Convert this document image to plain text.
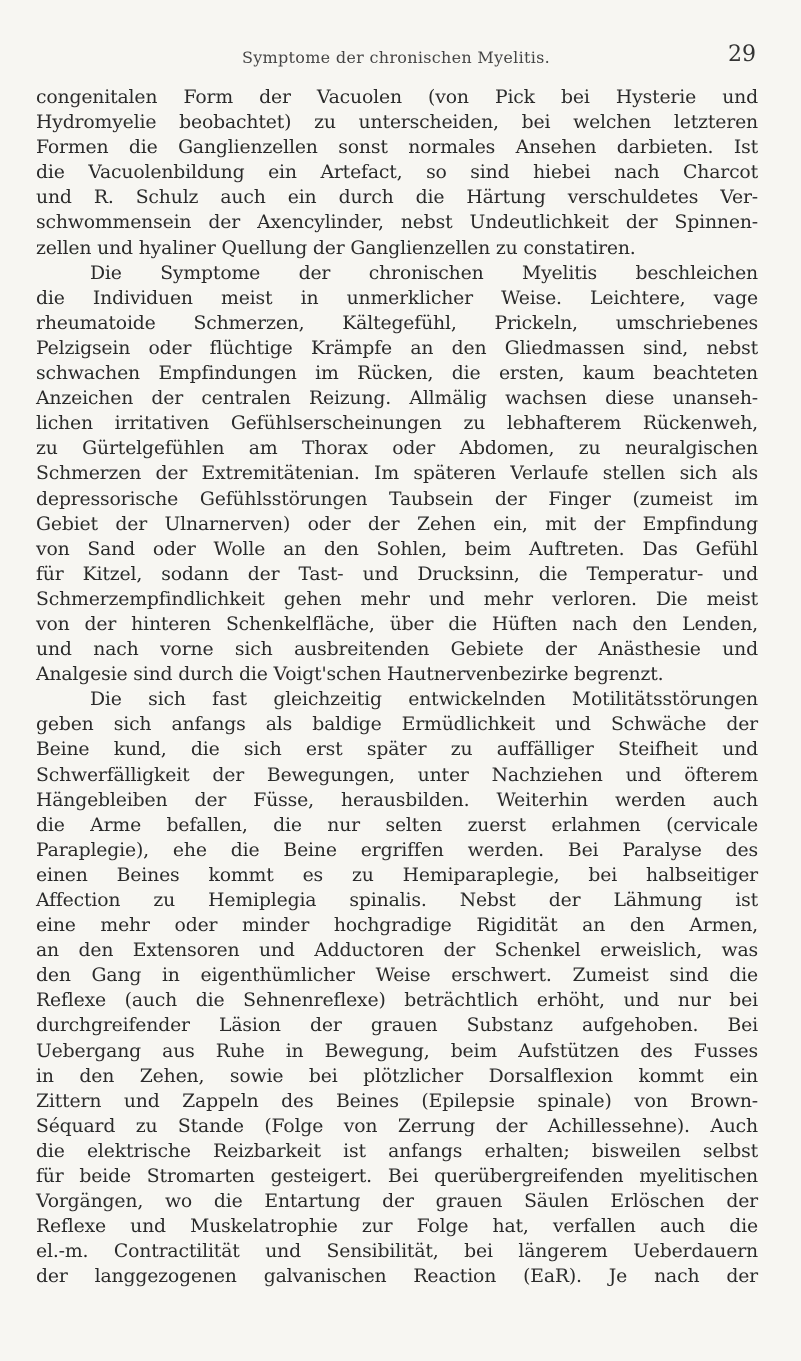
Symptome der chronischen Myelitis.	29
congenitalen Form der Vacuolen (von Pick bei Hysterie und
Hydromyelie beobachtet) zu unterscheiden, bei welchen letzteren
Formen die Ganglienzellen sonst normales Ansehen darbieten. Ist
die Vacuolenbildung ein Artefact, so sind hiebei nach Charcot
und R. Schulz auch ein durch die Härtung verschuldetes Ver-
schwommensein der Axencylinder, nebst Undeutlichkeit der Spinnen-
zellen und hyaliner Quellung der Ganglienzellen zu constatiren.
Die Symptome der chronischen Myelitis beschleichen
die Individuen meist in unmerklicher Weise. Leichtere, vage
rheumatoide Schmerzen, Kältegefühl, Prickeln, umschriebenes
Pelzigsein oder flüchtige Krämpfe an den Gliedmassen sind, nebst
schwachen Empfindungen im Rücken, die ersten, kaum beachteten
Anzeichen der centralen Reizung. Allmälig wachsen diese unanseh-
lichen irritativen Gefühlserscheinungen zu lebhafterem Rückenweh,
zu Gürtelgefühlen am Thorax oder Abdomen, zu neuralgischen
Schmerzen der Extremitätenian. Im späteren Verlaufe stellen sich als
depressorische Gefühlsstörungen Taubsein der Finger (zumeist im
Gebiet der Ulnarnerven) oder der Zehen ein, mit der Empfindung
von Sand oder Wolle an den Sohlen, beim Auftreten. Das Gefühl
für Kitzel, sodann der Tast- und Drucksinn, die Temperatur- und
Schmerzempfindlichkeit gehen mehr und mehr verloren. Die meist
von der hinteren Schenkelfläche, über die Hüften nach den Lenden,
und nach vorne sich ausbreitenden Gebiete der Anästhesie und
Analgesie sind durch die Voigt'schen Hautnervenbezirke begrenzt.
Die sich fast gleichzeitig entwickelnden Motilitätsstörungen
geben sich anfangs als baldige Ermüdlichkeit und Schwäche der
Beine kund, die sich erst später zu auffälliger Steifheit und
Schwerfälligkeit der Bewegungen, unter Nachziehen und öfterem
Hängebleiben der Füsse, herausbilden. Weiterhin werden auch
die Arme befallen, die nur selten zuerst erlahmen (cervicale
Paraplegie), ehe die Beine ergriffen werden. Bei Paralyse des
einen Beines kommt es zu Hemiparaplegie, bei halbseitiger
Affection zu Hemiplegia spinalis. Nebst der Lähmung ist
eine mehr oder minder hochgradige Rigidität an den Armen,
an den Extensoren und Adductoren der Schenkel erweislich, was
den Gang in eigenthümlicher Weise erschwert. Zumeist sind die
Reflexe (auch die Sehnenreflexe) beträchtlich erhöht, und nur bei
durchgreifender Läsion der grauen Substanz aufgehoben. Bei
Uebergang aus Ruhe in Bewegung, beim Aufstützen des Fusses
in den Zehen, sowie bei plötzlicher Dorsalflexion kommt ein
Zittern und Zappeln des Beines (Epilepsie spinale) von Brown-
Séquard zu Stande (Folge von Zerrung der Achillessehne). Auch
die elektrische Reizbarkeit ist anfangs erhalten; bisweilen selbst
für beide Stromarten gesteigert. Bei querübergreifenden myelitischen
Vorgängen, wo die Entartung der grauen Säulen Erlöschen der
Reflexe und Muskelatrophie zur Folge hat, verfallen auch die
el.-m. Contractilität und Sensibilität, bei längerem Ueberdauern
der langgezogenen galvanischen Reaction (EaR). Je nach der
